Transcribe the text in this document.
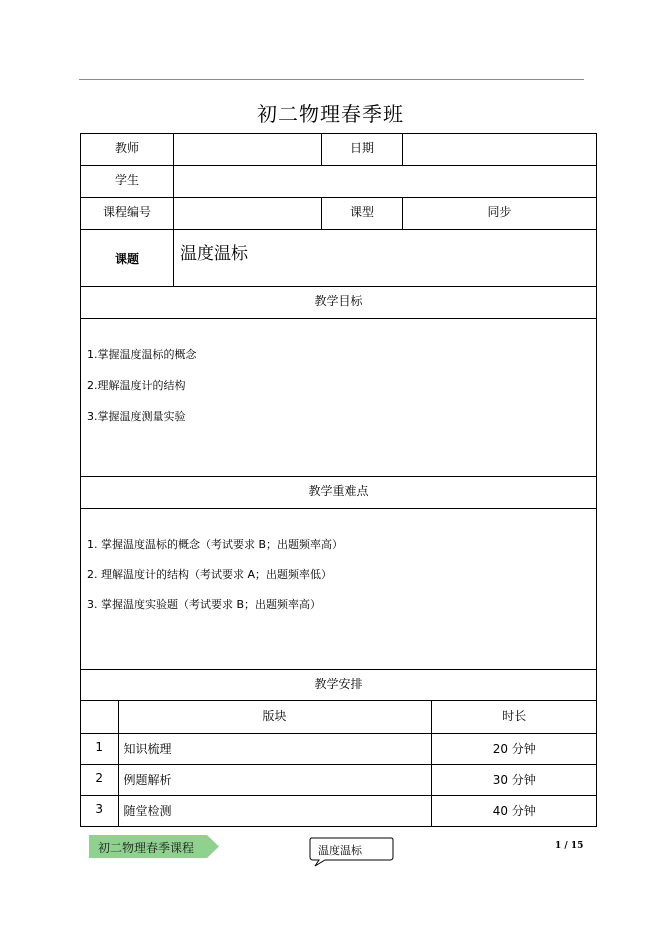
初二物理春季班
教师		日期	
学生	
课程编号		课型	同步
课题	温度温标
教学目标

1.掌握温度温标的概念

2.理解温度计的结构

3.掌握温度测量实验

教学重难点

1. 掌握温度温标的概念（考试要求 B；出题频率高）

2. 理解温度计的结构（考试要求 A；出题频率低）

3. 掌握温度实验题（考试要求 B；出题频率高）

教学安排

	版块	时长
1	知识梳理	20 分钟
2	例题解析	30 分钟
3	随堂检测	40 分钟
初二物理春季课程	温度温标	1 / 15
